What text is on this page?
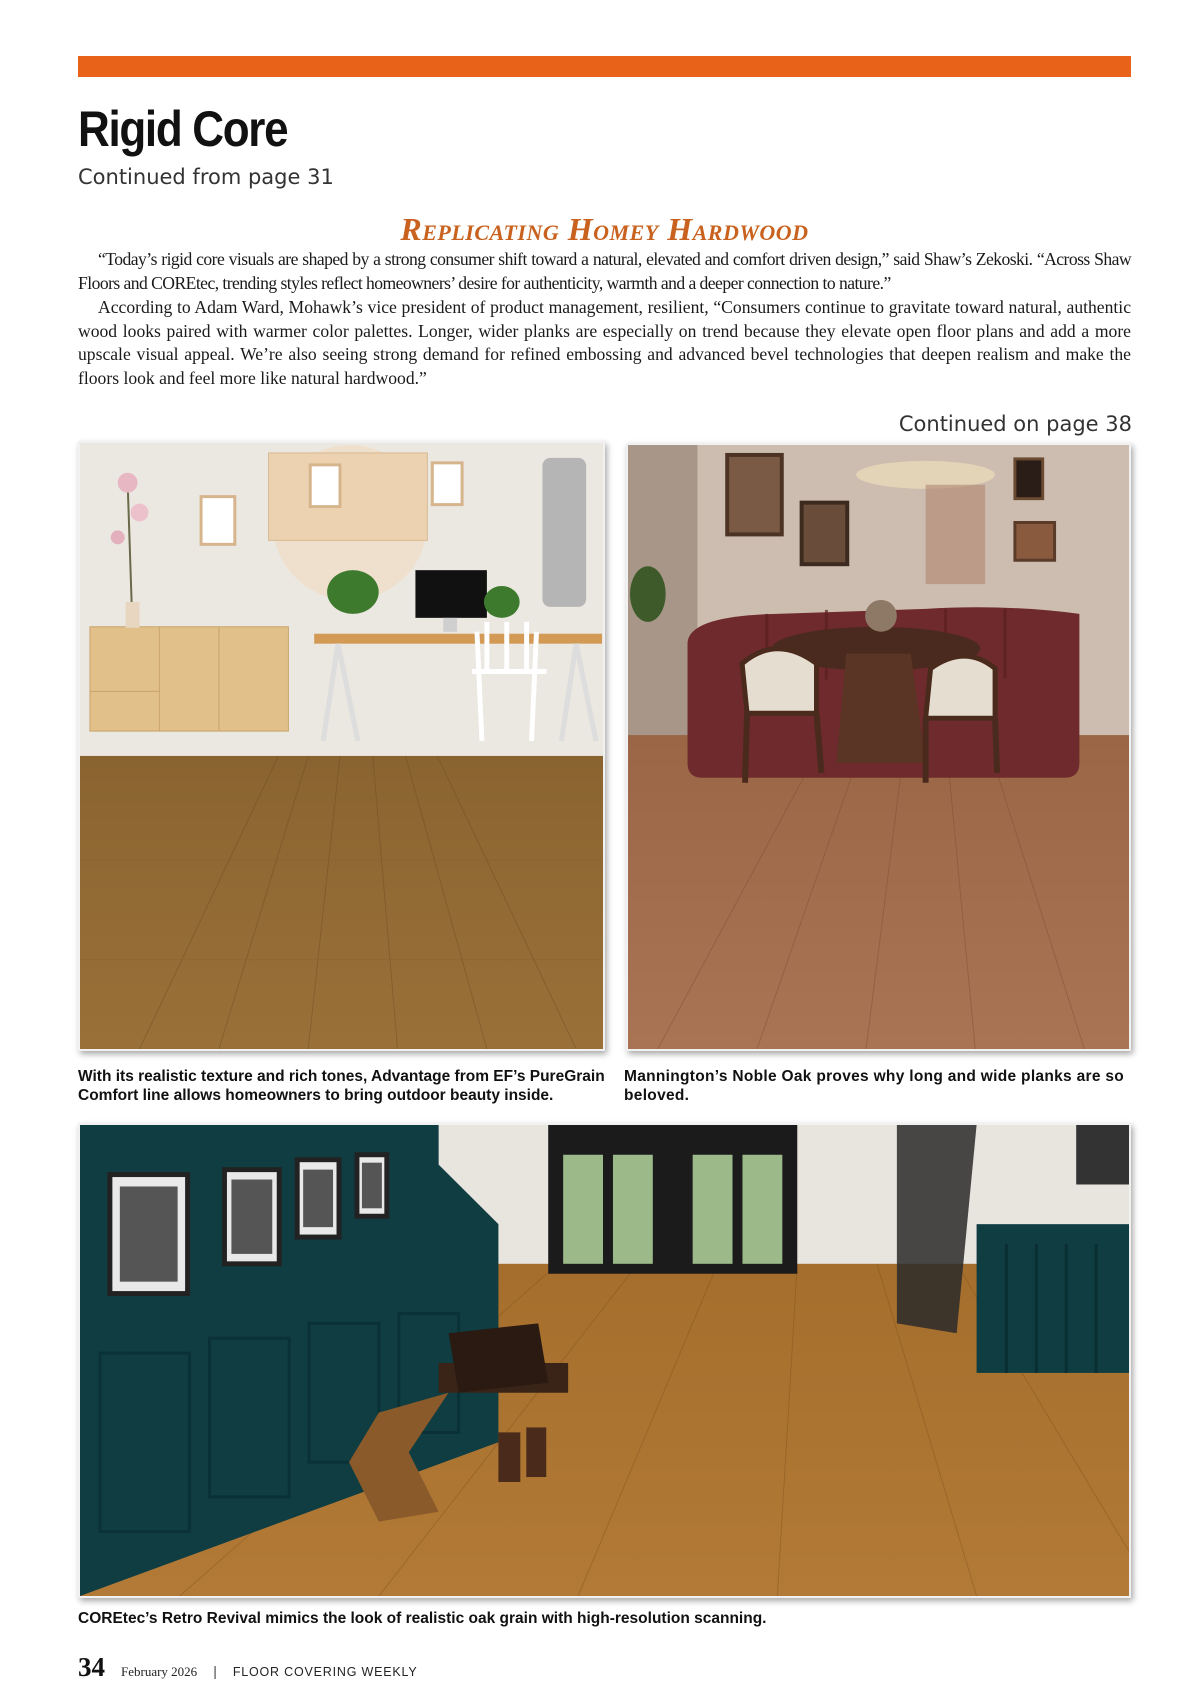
Rigid Core
Continued from page 31
Replicating Homey Hardwood

“Today’s rigid core visuals are shaped by a strong consumer shift toward a natural, elevated and comfort driven design,” said Shaw’s Zekoski. “Across Shaw Floors and COREtec, trending styles reflect homeowners’ desire for authenticity, warmth and a deeper connection to nature.”

According to Adam Ward, Mohawk’s vice president of product management, resilient, “Consumers continue to gravitate toward natural, authentic wood looks paired with warmer color palettes. Longer, wider planks are especially on trend because they elevate open floor plans and add a more upscale visual appeal. We’re also seeing strong demand for refined embossing and advanced bevel technologies that deepen realism and make the floors look and feel more like natural hardwood.”

Continued on page 38
With its realistic texture and rich tones, Advantage from EF’s PureGrain Comfort line allows homeowners to bring outdoor beauty inside.
Mannington’s Noble Oak proves why long and wide planks are so beloved.
COREtec’s Retro Revival mimics the look of realistic oak grain with high-resolution scanning.
34 February 2026 | FLOOR COVERING WEEKLY
